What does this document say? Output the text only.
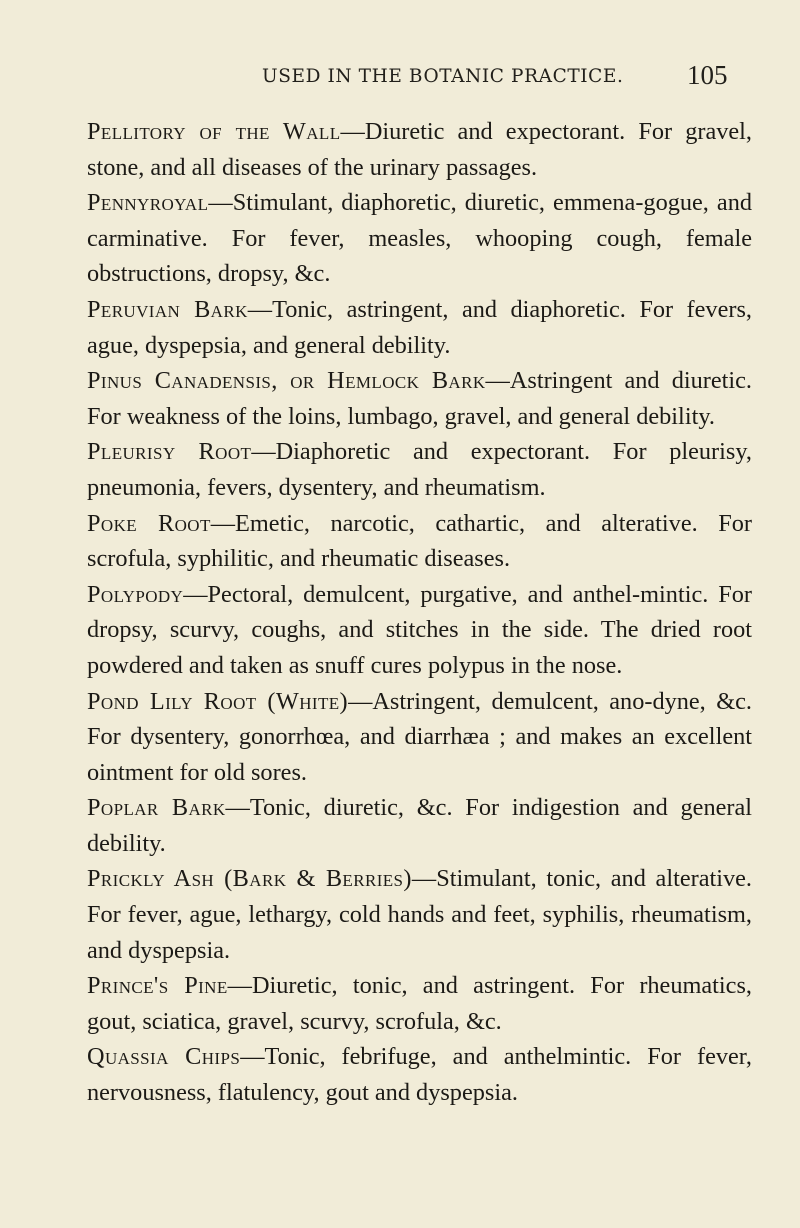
USED IN THE BOTANIC PRACTICE. 105

Pellitory of the Wall—Diuretic and expectorant. For gravel, stone, and all diseases of the urinary passages.

Pennyroyal—Stimulant, diaphoretic, diuretic, emmena-gogue, and carminative. For fever, measles, whooping cough, female obstructions, dropsy, &c.

Peruvian Bark—Tonic, astringent, and diaphoretic. For fevers, ague, dyspepsia, and general debility.

Pinus Canadensis, or Hemlock Bark—Astringent and diuretic. For weakness of the loins, lumbago, gravel, and general debility.

Pleurisy Root—Diaphoretic and expectorant. For pleurisy, pneumonia, fevers, dysentery, and rheumatism.

Poke Root—Emetic, narcotic, cathartic, and alterative. For scrofula, syphilitic, and rheumatic diseases.

Polypody—Pectoral, demulcent, purgative, and anthel-mintic. For dropsy, scurvy, coughs, and stitches in the side. The dried root powdered and taken as snuff cures polypus in the nose.

Pond Lily Root (White)—Astringent, demulcent, ano-dyne, &c. For dysentery, gonorrhœa, and diarrhæa ; and makes an excellent ointment for old sores.

Poplar Bark—Tonic, diuretic, &c. For indigestion and general debility.

Prickly Ash (Bark & Berries)—Stimulant, tonic, and alterative. For fever, ague, lethargy, cold hands and feet, syphilis, rheumatism, and dyspepsia.

Prince's Pine—Diuretic, tonic, and astringent. For rheumatics, gout, sciatica, gravel, scurvy, scrofula, &c.

Quassia Chips—Tonic, febrifuge, and anthelmintic. For fever, nervousness, flatulency, gout and dyspepsia.
